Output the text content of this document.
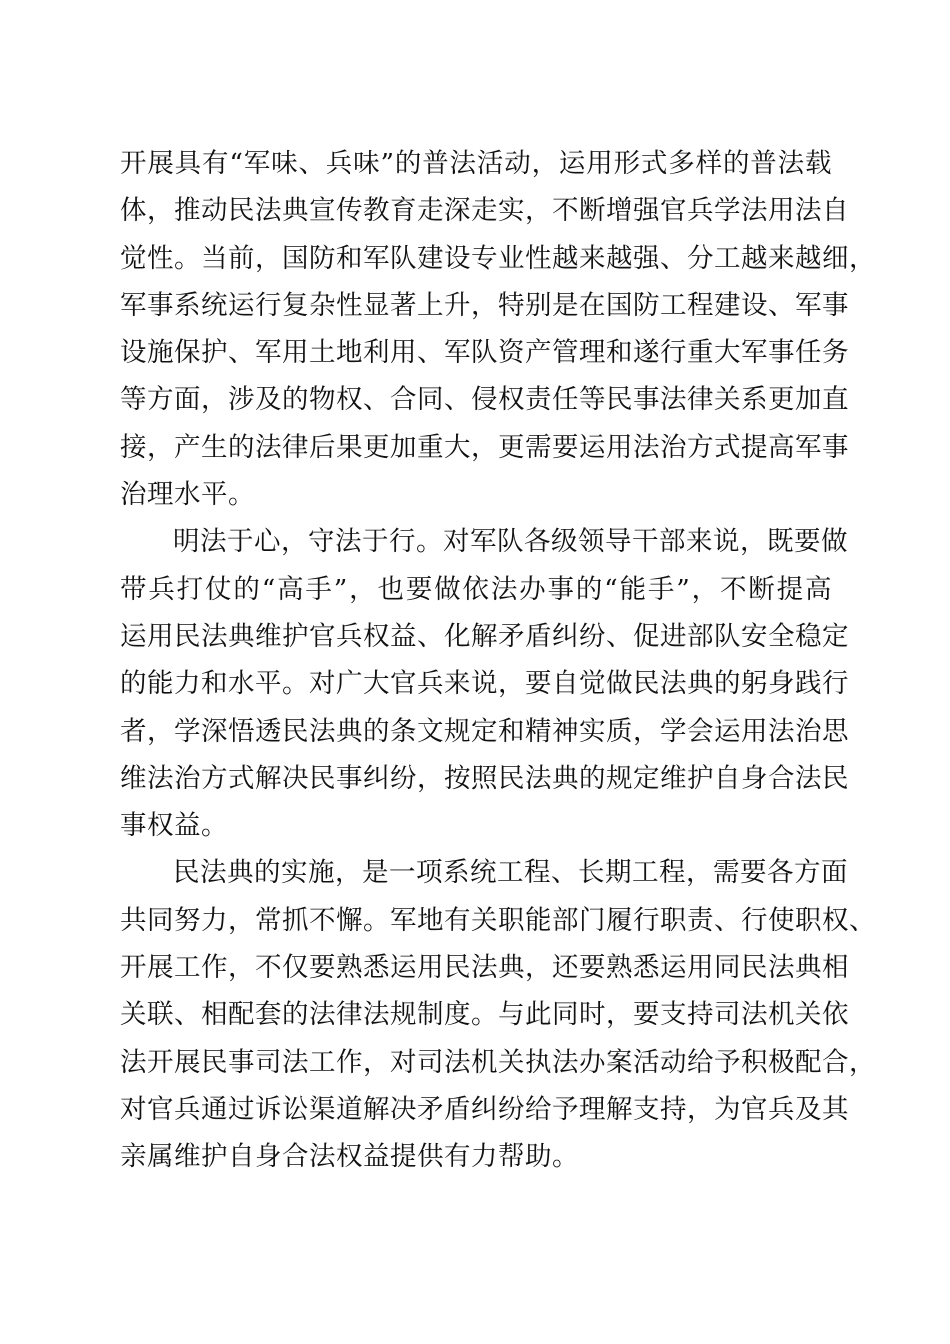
开展具有“军味、兵味”的普法活动，运用形式多样的普法载
体，推动民法典宣传教育走深走实，不断增强官兵学法用法自
觉性。当前，国防和军队建设专业性越来越强、分工越来越细，
军事系统运行复杂性显著上升，特别是在国防工程建设、军事
设施保护、军用土地利用、军队资产管理和遂行重大军事任务
等方面，涉及的物权、合同、侵权责任等民事法律关系更加直
接，产生的法律后果更加重大，更需要运用法治方式提高军事
治理水平。
明法于心，守法于行。对军队各级领导干部来说，既要做
带兵打仗的“高手”，也要做依法办事的“能手”，不断提高
运用民法典维护官兵权益、化解矛盾纠纷、促进部队安全稳定
的能力和水平。对广大官兵来说，要自觉做民法典的躬身践行
者，学深悟透民法典的条文规定和精神实质，学会运用法治思
维法治方式解决民事纠纷，按照民法典的规定维护自身合法民
事权益。
民法典的实施，是一项系统工程、长期工程，需要各方面
共同努力，常抓不懈。军地有关职能部门履行职责、行使职权、
开展工作，不仅要熟悉运用民法典，还要熟悉运用同民法典相
关联、相配套的法律法规制度。与此同时，要支持司法机关依
法开展民事司法工作，对司法机关执法办案活动给予积极配合，
对官兵通过诉讼渠道解决矛盾纠纷给予理解支持，为官兵及其
亲属维护自身合法权益提供有力帮助。
